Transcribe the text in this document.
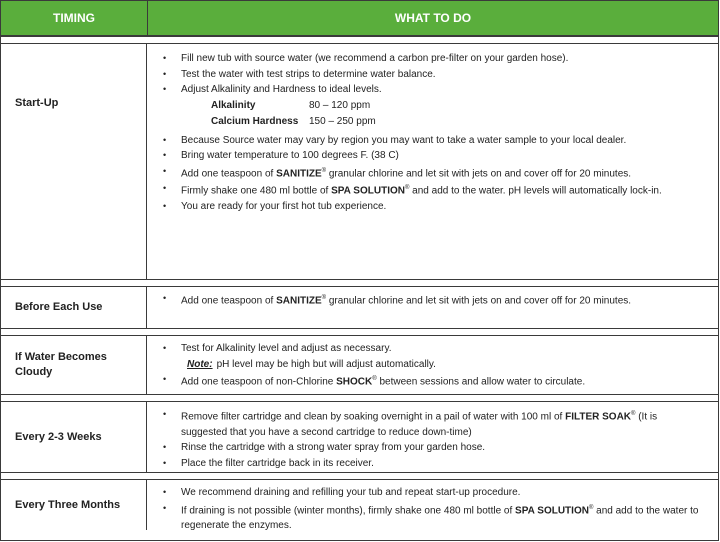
TIMING	WHAT TO DO
Start-Up
• Fill new tub with source water (we recommend a carbon pre-filter on your garden hose).
• Test the water with test strips to determine water balance.
• Adjust Alkalinity and Hardness to ideal levels.
Alkalinity	80 – 120 ppm
Calcium Hardness	150 – 250 ppm
• Because Source water may vary by region you may want to take a water sample to your local dealer.
• Bring water temperature to 100 degrees F. (38 C)
• Add one teaspoon of SANITIZE® granular chlorine and let sit with jets on and cover off for 20 minutes.
• Firmly shake one 480 ml bottle of SPA SOLUTION® and add to the water. pH levels will automatically lock-in.
• You are ready for your first hot tub experience.
Before Each Use
• Add one teaspoon of SANITIZE® granular chlorine and let sit with jets on and cover off for 20 minutes.
If Water Becomes Cloudy
• Test for Alkalinity level and adjust as necessary.
Note: pH level may be high but will adjust automatically.
• Add one teaspoon of non-Chlorine SHOCK® between sessions and allow water to circulate.
Every 2-3 Weeks
• Remove filter cartridge and clean by soaking overnight in a pail of water with 100 ml of FILTER SOAK® (It is suggested that you have a second cartridge to reduce down-time)
• Rinse the cartridge with a strong water spray from your garden hose.
• Place the filter cartridge back in its receiver.
Every Three Months
• We recommend draining and refilling your tub and repeat start-up procedure.
• If draining is not possible (winter months), firmly shake one 480 ml bottle of SPA SOLUTION® and add to the water to regenerate the enzymes.
